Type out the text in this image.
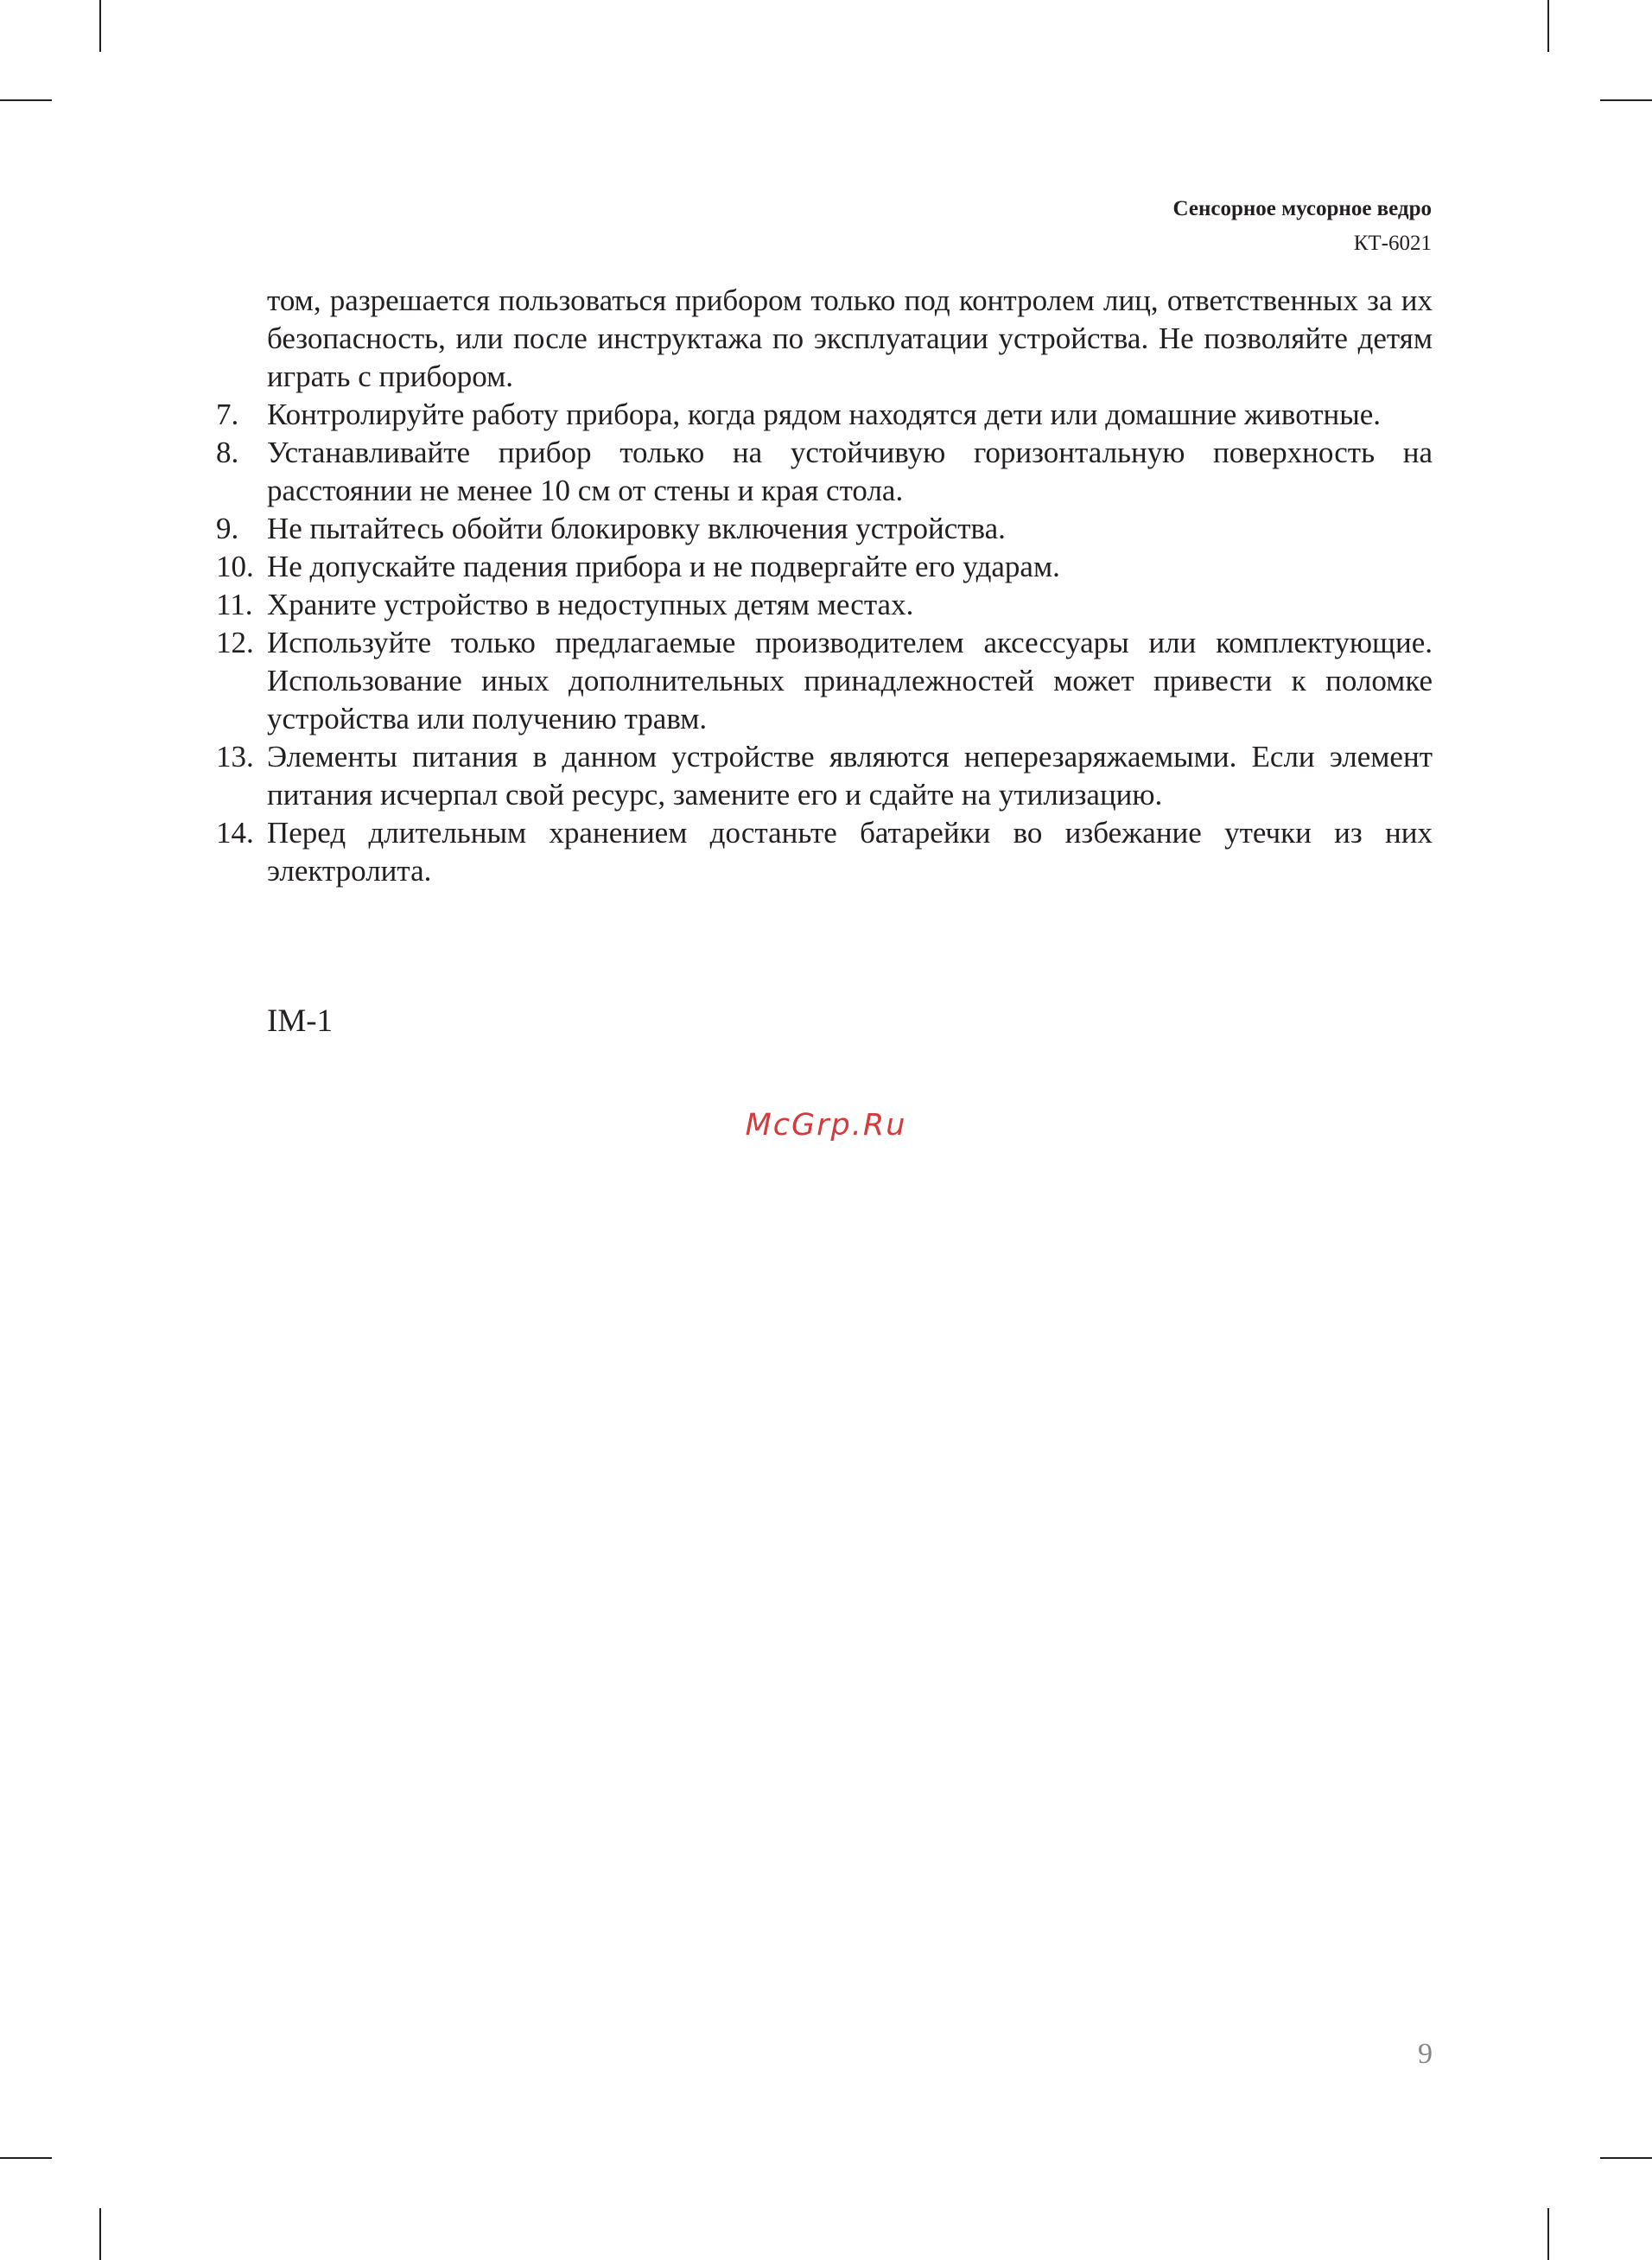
Сенсорное мусорное ведро
КТ-6021
том, разрешается пользоваться прибором только под контролем лиц, ответственных за их безопасность, или после инструктажа по эксплуатации устройства. Не позволяйте детям играть с прибором.
7. Контролируйте работу прибора, когда рядом находятся дети или домашние животные.
8. Устанавливайте прибор только на устойчивую горизонтальную поверхность на расстоянии не менее 10 см от стены и края стола.
9. Не пытайтесь обойти блокировку включения устройства.
10. Не допускайте падения прибора и не подвергайте его ударам.
11. Храните устройство в недоступных детям местах.
12. Используйте только предлагаемые производителем аксессуары или комплектующие. Использование иных дополнительных принадлежностей может привести к поломке устройства или получению травм.
13. Элементы питания в данном устройстве являются неперезаряжаемыми. Если элемент питания исчерпал свой ресурс, замените его и сдайте на утилизацию.
14. Перед длительным хранением достаньте батарейки во избежание утечки из них электролита.
IM-1
McGrp.Ru
9
